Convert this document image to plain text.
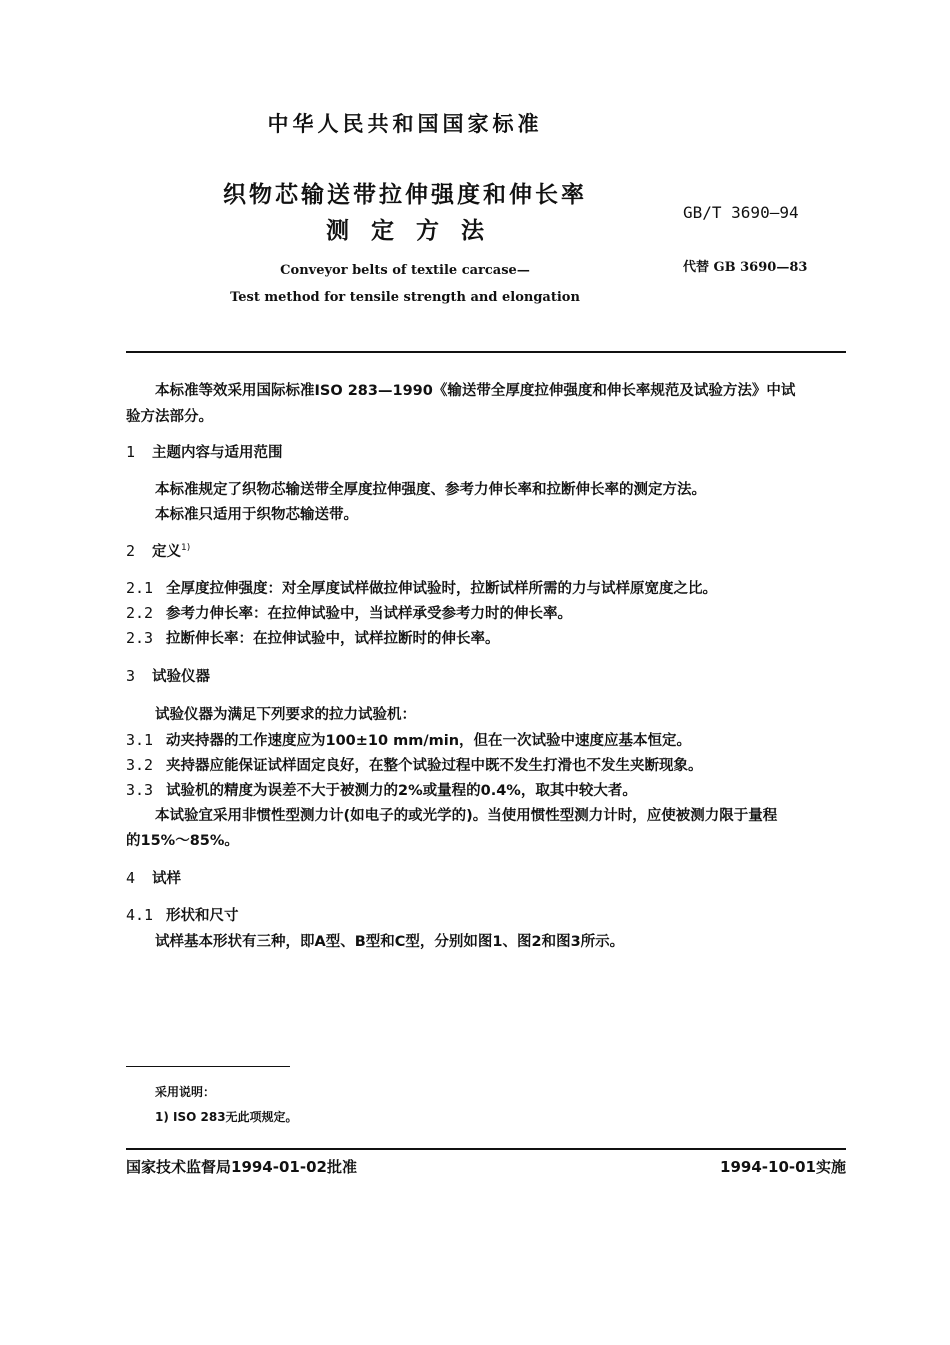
中华人民共和国国家标准
织物芯输送带拉伸强度和伸长率
测定方法
GB/T 3690—94
代替 GB 3690—83
Conveyor belts of textile carcase—
Test method for tensile strength and elongation
本标准等效采用国际标准ISO 283—1990《输送带全厚度拉伸强度和伸长率规范及试验方法》中试
验方法部分。
1 主题内容与适用范围
本标准规定了织物芯输送带全厚度拉伸强度、参考力伸长率和拉断伸长率的测定方法。
本标准只适用于织物芯输送带。
2 定义$^{1)}$
2.1 全厚度拉伸强度：对全厚度试样做拉伸试验时，拉断试样所需的力与试样原宽度之比。
2.2 参考力伸长率：在拉伸试验中，当试样承受参考力时的伸长率。
2.3 拉断伸长率：在拉伸试验中，试样拉断时的伸长率。
3 试验仪器
试验仪器为满足下列要求的拉力试验机：
3.1 动夹持器的工作速度应为100±10 mm/min，但在一次试验中速度应基本恒定。
3.2 夹持器应能保证试样固定良好，在整个试验过程中既不发生打滑也不发生夹断现象。
3.3 试验机的精度为误差不大于被测力的2%或量程的0.4%，取其中较大者。
本试验宜采用非惯性型测力计(如电子的或光学的)。当使用惯性型测力计时，应使被测力限于量程
的15%～85%。
4 试样
4.1 形状和尺寸
试样基本形状有三种，即A型、B型和C型，分别如图1、图2和图3所示。
采用说明：
1) ISO 283无此项规定。
国家技术监督局1994-01-02批准	1994-10-01实施
